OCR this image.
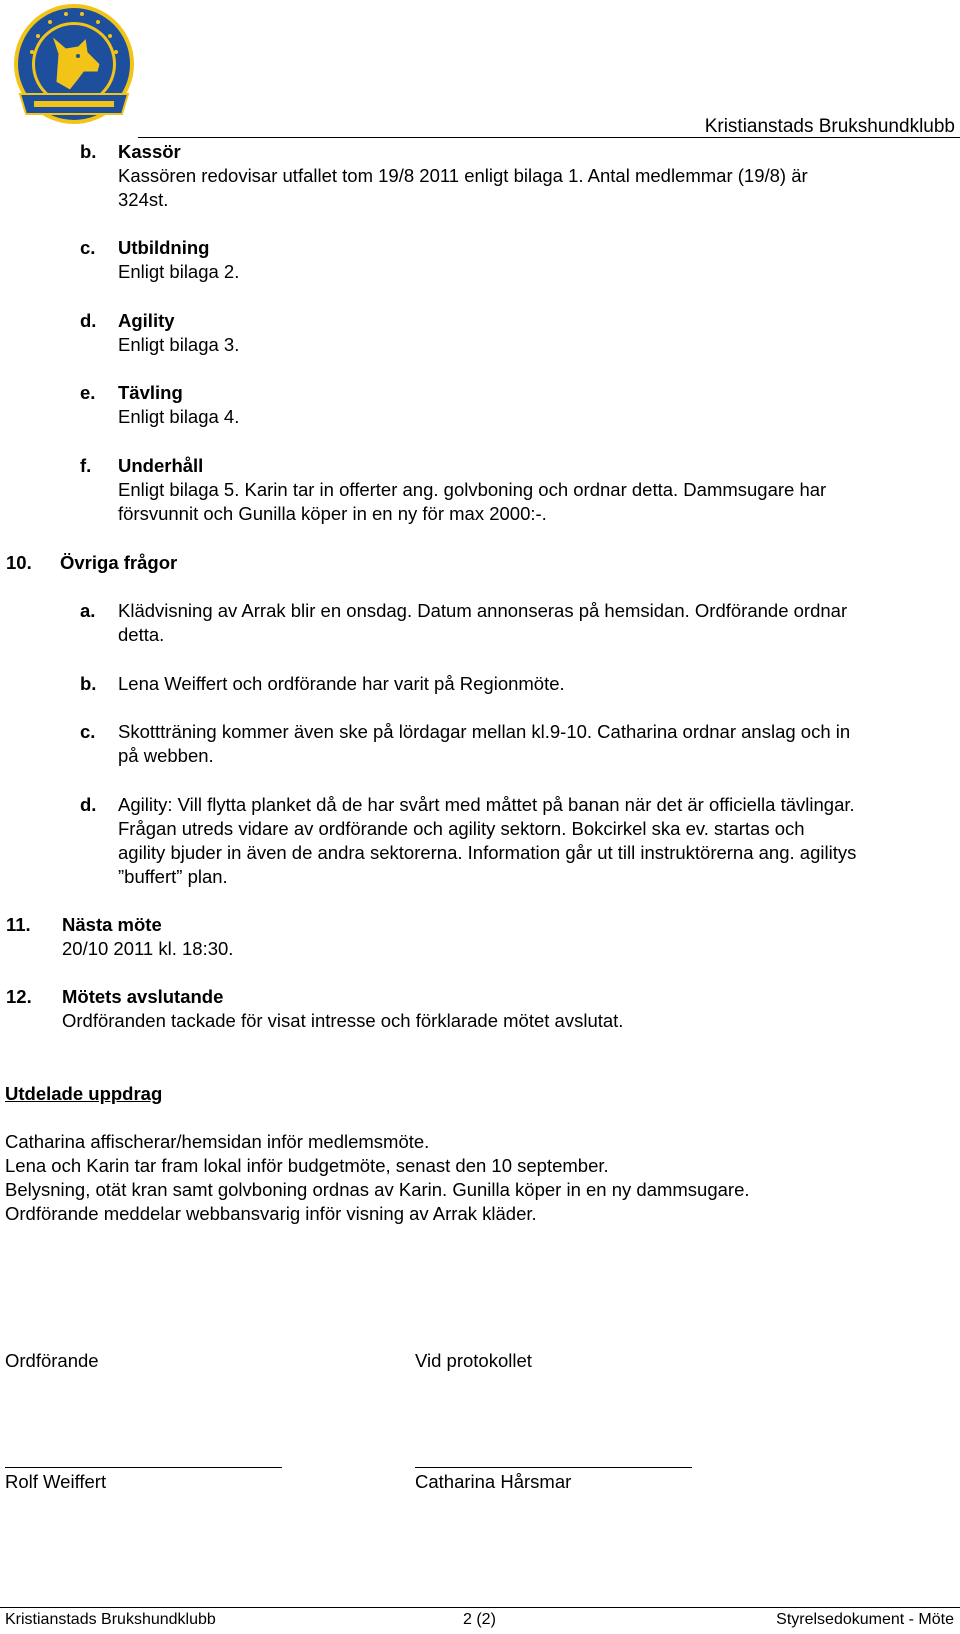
Kristianstads Brukshundklubb
b. Kassör
Kassören redovisar utfallet tom 19/8 2011 enligt bilaga 1. Antal medlemmar (19/8) är
324st.
c. Utbildning
Enligt bilaga 2.
d. Agility
Enligt bilaga 3.
e. Tävling
Enligt bilaga 4.
f. Underhåll
Enligt bilaga 5. Karin tar in offerter ang. golvboning och ordnar detta. Dammsugare har
försvunnit och Gunilla köper in en ny för max 2000:-.
10. Övriga frågor
a. Klädvisning av Arrak blir en onsdag. Datum annonseras på hemsidan. Ordförande ordnar
detta.
b. Lena Weiffert och ordförande har varit på Regionmöte.
c. Skottträning kommer även ske på lördagar mellan kl.9-10. Catharina ordnar anslag och in
på webben.
d. Agility: Vill flytta planket då de har svårt med måttet på banan när det är officiella tävlingar.
Frågan utreds vidare av ordförande och agility sektorn. Bokcirkel ska ev. startas och
agility bjuder in även de andra sektorerna. Information går ut till instruktörerna ang. agilitys
”buffert” plan.
11. Nästa möte
20/10 2011 kl. 18:30.
12. Mötets avslutande
Ordföranden tackade för visat intresse och förklarade mötet avslutat.
Utdelade uppdrag
Catharina affischerar/hemsidan inför medlemsmöte.
Lena och Karin tar fram lokal inför budgetmöte, senast den 10 september.
Belysning, otät kran samt golvboning ordnas av Karin. Gunilla köper in en ny dammsugare.
Ordförande meddelar webbansvarig inför visning av Arrak kläder.
Ordförande	Vid protokollet
Rolf Weiffert	Catharina Hårsmar
Kristianstads Brukshundklubb	2 (2)	Styrelsedokument - Möte
